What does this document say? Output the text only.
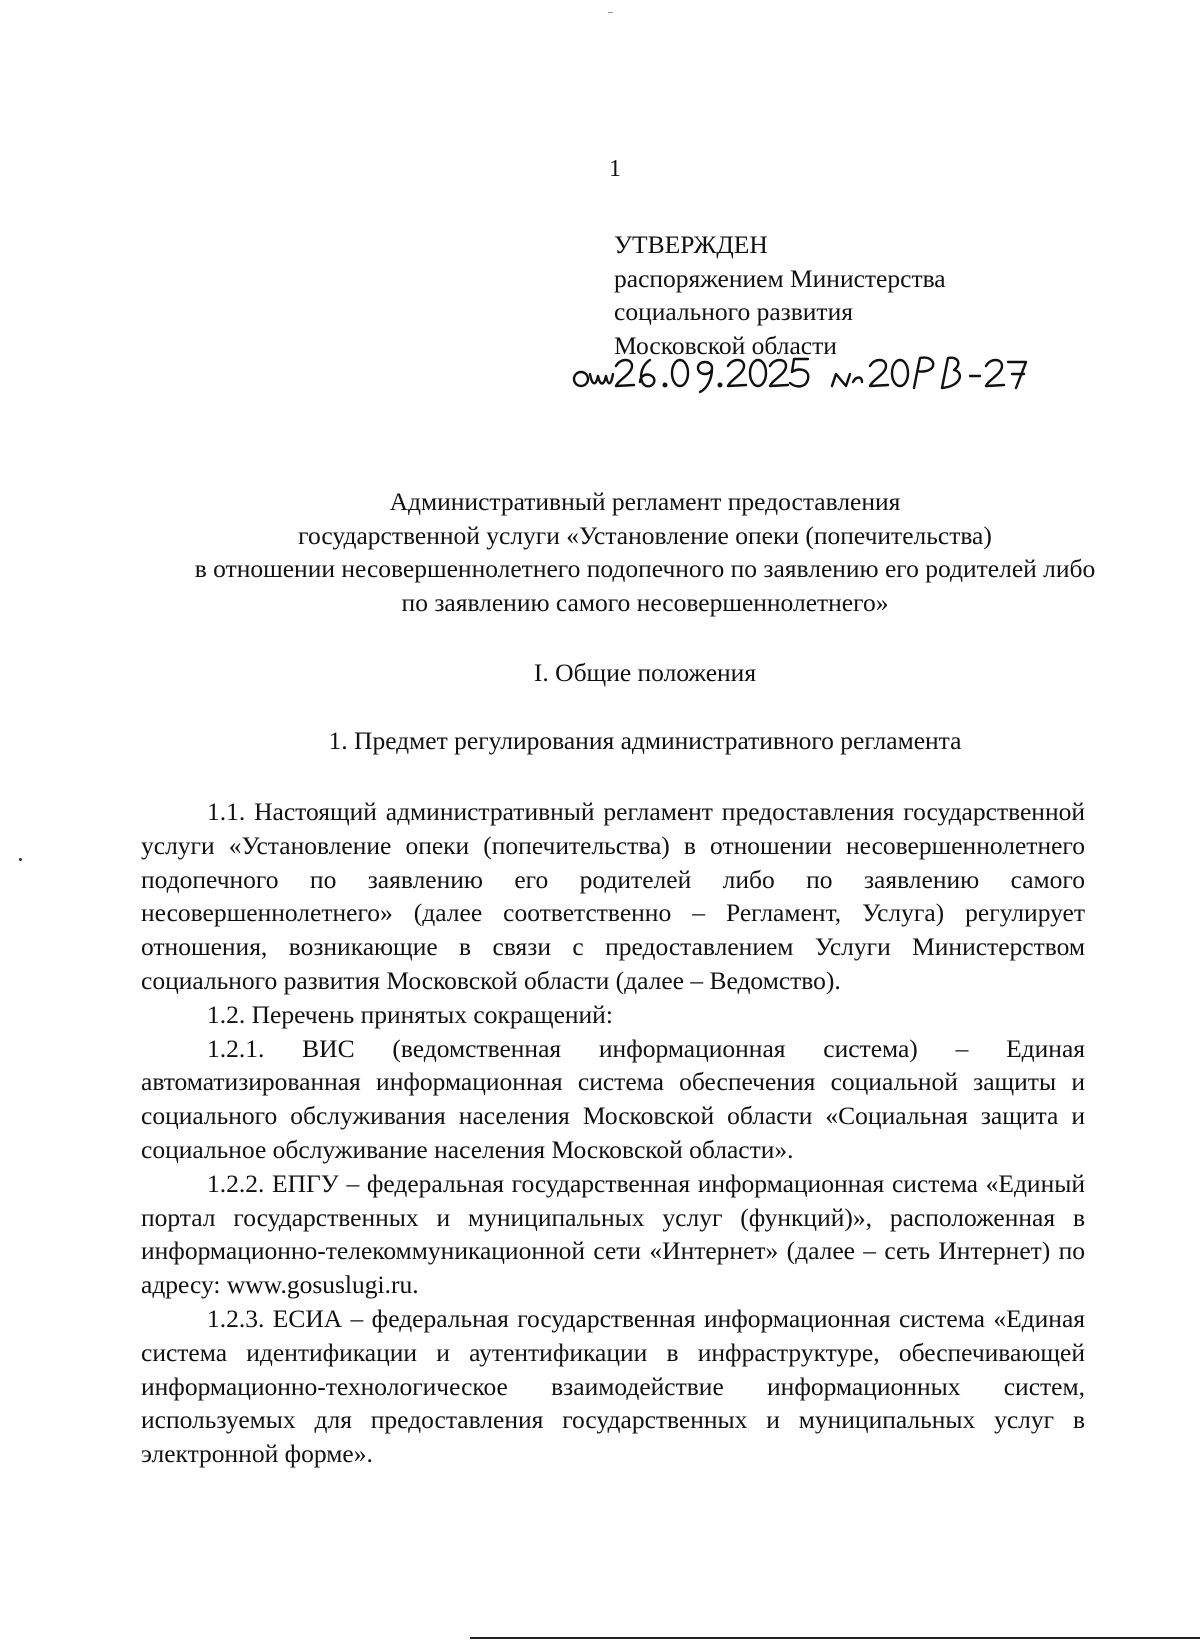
1
УТВЕРЖДЕН
распоряжением Министерства
социального развития
Московской области
Административный регламент предоставления
государственной услуги «Установление опеки (попечительства)
в отношении несовершеннолетнего подопечного по заявлению его родителей либо
по заявлению самого несовершеннолетнего»
I. Общие положения
1. Предмет регулирования административного регламента

1.1. Настоящий административный регламент предоставления государственной услуги «Установление опеки (попечительства) в отношении несовершеннолетнего подопечного по заявлению его родителей либо по заявлению самого несовершеннолетнего» (далее соответственно – Регламент, Услуга) регулирует отношения, возникающие в связи с предоставлением Услуги Министерством социального развития Московской области (далее – Ведомство).

1.2. Перечень принятых сокращений:

1.2.1. ВИС (ведомственная информационная система) – Единая автоматизированная информационная система обеспечения социальной защиты и социального обслуживания населения Московской области «Социальная защита и социальное обслуживание населения Московской области».

1.2.2. ЕПГУ – федеральная государственная информационная система «Единый портал государственных и муниципальных услуг (функций)», расположенная в информационно-телекоммуникационной сети «Интернет» (далее – сеть Интернет) по адресу: www.gosuslugi.ru.

1.2.3. ЕСИА – федеральная государственная информационная система «Единая система идентификации и аутентификации в инфраструктуре, обеспечивающей информационно-технологическое взаимодействие информационных систем, используемых для предоставления государственных и муниципальных услуг в электронной форме».
